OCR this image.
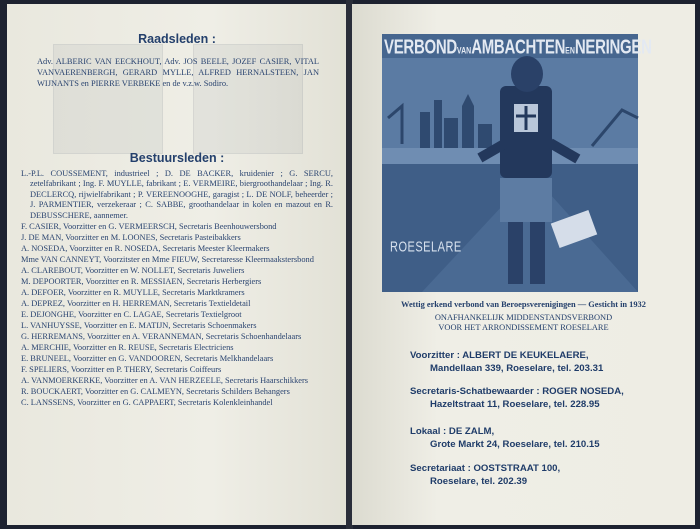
Raadsleden :
Adv. ALBERIC VAN EECKHOUT, Adv. JOS BEELE, JOZEF CASIER, VITAL VANVAERENBERGH, GERARD MYLLE, ALFRED HERNALSTEEN, JAN WIJNANTS en PIERRE VERBEKE en de v.z.w. Sodiro.
Bestuursleden :
L.-P.L. COUSSEMENT, industrieel ; D. DE BACKER, kruidenier ; G. SERCU, zetelfabrikant ; Ing. F. MUYLLE, fabrikant ; E. VERMEIRE, biergroothandelaar ; Ing. R. DECLERCQ, rijwielfabrikant ; P. VEREENOOGHE, garagist ; L. DE NOLF, beheerder ; J. PARMENTIER, verzekeraar ; C. SABBE, groothandelaar in kolen en mazout en R. DEBUSSCHERE, aannemer.
F. CASIER, Voorzitter en G. VERMEERSCH, Secretaris Beenhouwersbond
J. DE MAN, Voorzitter en M. LOONES, Secretaris Pasteibakkers
A. NOSEDA, Voorzitter en R. NOSEDA, Secretaris Meester Kleermakers
Mme VAN CANNEYT, Voorzitster en Mme FIEUW, Secretaresse Kleermaakstersbond
A. CLAREBOUT, Voorzitter en W. NOLLET, Secretaris Juweliers
M. DEPOORTER, Voorzitter en R. MESSIAEN, Secretaris Herbergiers
A. DEFOER, Voorzitter en R. MUYLLE, Secretaris Marktkramers
A. DEPREZ, Voorzitter en H. HERREMAN, Secretaris Textieldetail
E. DEJONGHE, Voorzitter en C. LAGAE, Secretaris Textielgroot
L. VANHUYSSE, Voorzitter en E. MATIJN, Secretaris Schoenmakers
G. HERREMANS, Voorzitter en A. VERANNEMAN, Secretaris Schoenhandelaars
A. MERCHIE, Voorzitter en R. REUSE, Secretaris Electriciens
E. BRUNEEL, Voorzitter en G. VANDOOREN, Secretaris Melkhandelaars
F. SPELIERS, Voorzitter en P. THERY, Secretaris Coiffeurs
A. VANMOERKERKE, Voorzitter en A. VAN HERZEELE, Secretaris Haarschikkers
R. BOUCKAERT, Voorzitter en G. CALMEYN, Secretaris Schilders Behangers
C. LANSSENS, Voorzitter en G. CAPPAERT, Secretaris Kolenkleinhandel
VERBONDVANAMBACHTENENNERINGEN
ROESELARE
Wettig erkend verbond van Beroepsverenigingen — Gesticht in 1932
ONAFHANKELIJK MIDDENSTANDSVERBOND
VOOR HET ARRONDISSEMENT ROESELARE
Voorzitter : ALBERT DE KEUKELAERE,
Mandellaan 339, Roeselare, tel. 203.31
Secretaris-Schatbewaarder : ROGER NOSEDA,
Hazeltstraat 11, Roeselare, tel. 228.95
Lokaal : DE ZALM,
Grote Markt 24, Roeselare, tel. 210.15
Secretariaat : OOSTSTRAAT 100,
Roeselare, tel. 202.39
